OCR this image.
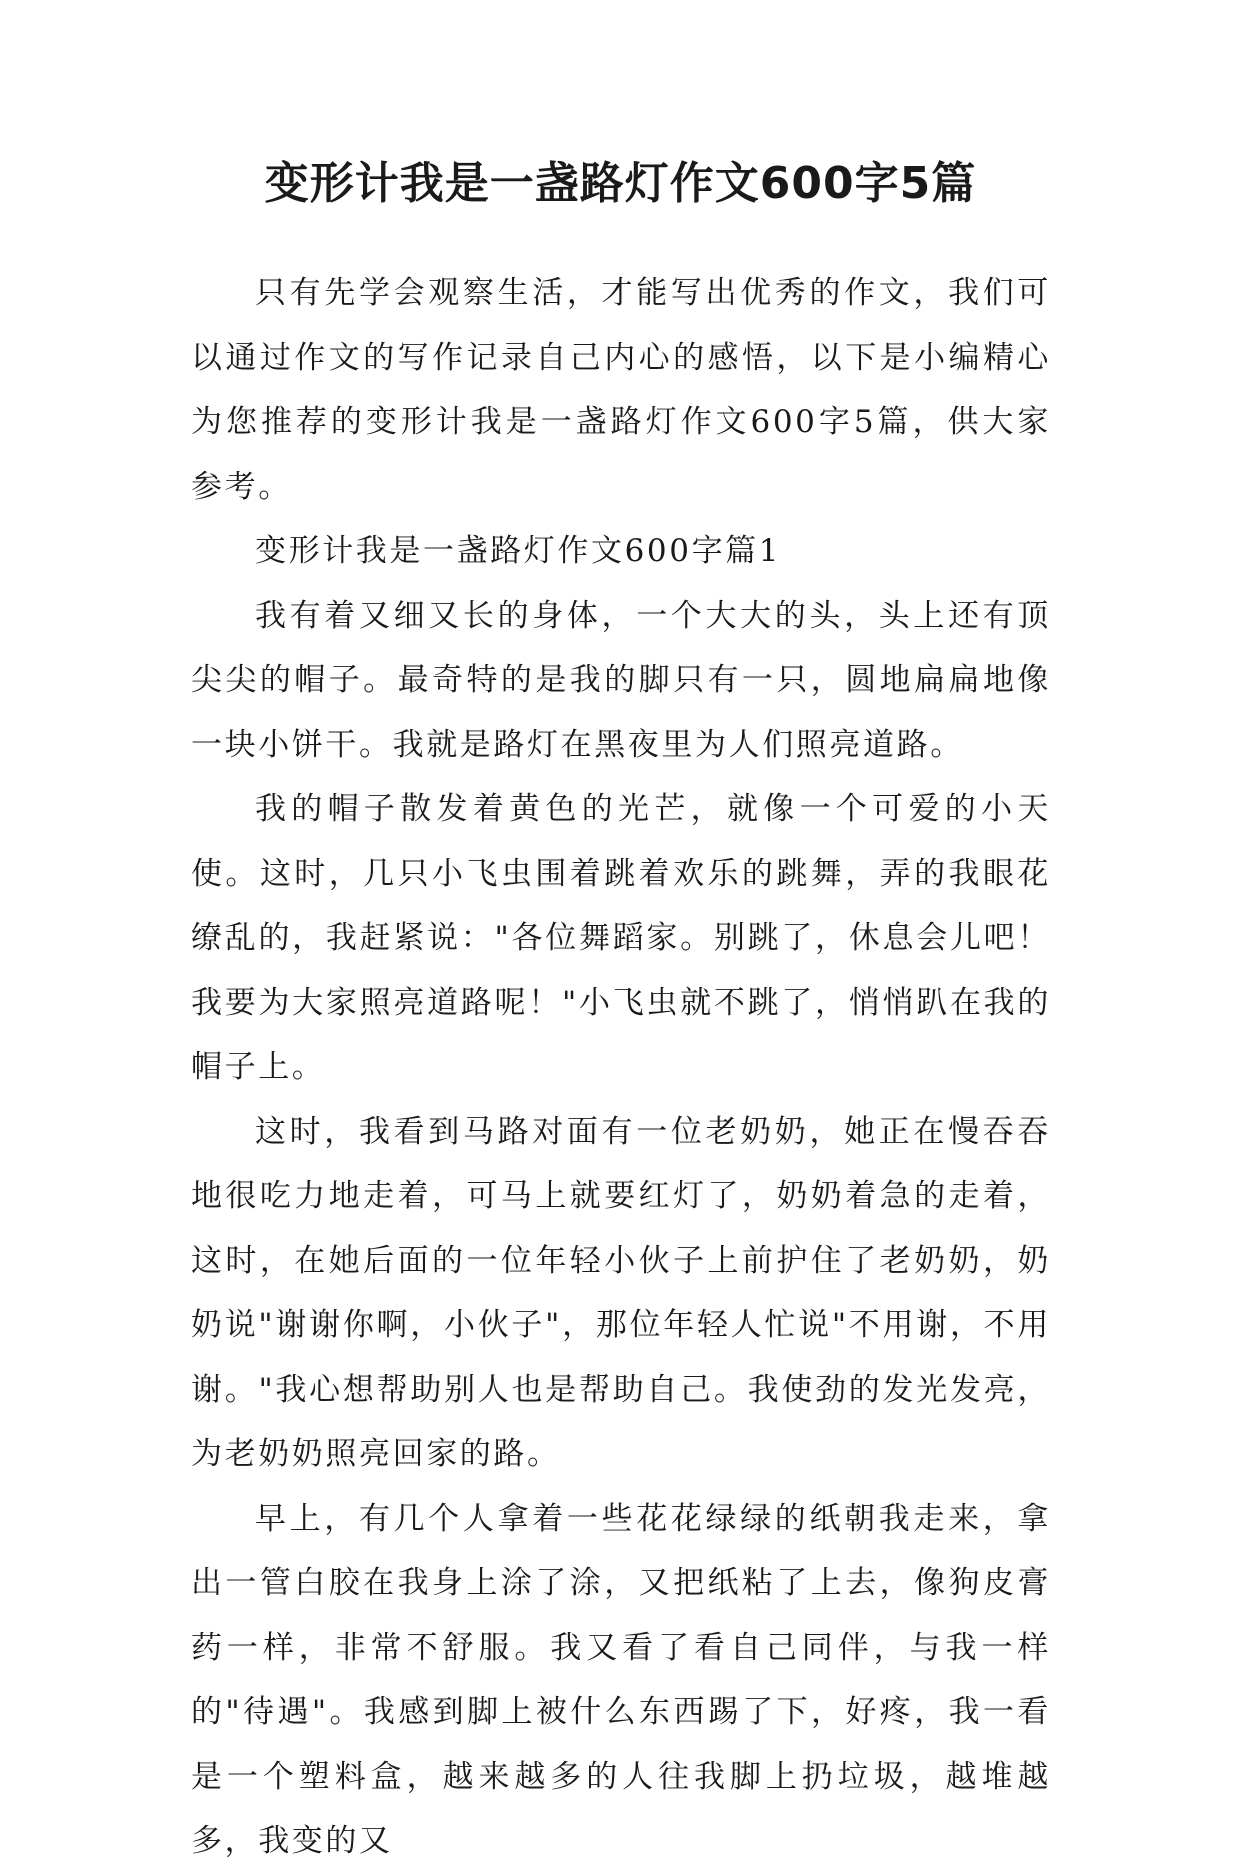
变形计我是一盏路灯作文600字5篇

只有先学会观察生活，才能写出优秀的作文，我们可以通过作文的写作记录自己内心的感悟，以下是小编精心为您推荐的变形计我是一盏路灯作文600字5篇，供大家参考。

变形计我是一盏路灯作文600字篇1

我有着又细又长的身体，一个大大的头，头上还有顶尖尖的帽子。最奇特的是我的脚只有一只，圆地扁扁地像一块小饼干。我就是路灯在黑夜里为人们照亮道路。

我的帽子散发着黄色的光芒，就像一个可爱的小天使。这时，几只小飞虫围着跳着欢乐的跳舞，弄的我眼花缭乱的，我赶紧说："各位舞蹈家。别跳了，休息会儿吧！我要为大家照亮道路呢！"小飞虫就不跳了，悄悄趴在我的帽子上。

这时，我看到马路对面有一位老奶奶，她正在慢吞吞地很吃力地走着，可马上就要红灯了，奶奶着急的走着，这时，在她后面的一位年轻小伙子上前护住了老奶奶，奶奶说"谢谢你啊，小伙子"，那位年轻人忙说"不用谢，不用谢。"我心想帮助别人也是帮助自己。我使劲的发光发亮，为老奶奶照亮回家的路。

早上，有几个人拿着一些花花绿绿的纸朝我走来，拿出一管白胶在我身上涂了涂，又把纸粘了上去，像狗皮膏药一样，非常不舒服。我又看了看自己同伴，与我一样的"待遇"。我感到脚上被什么东西踢了下，好疼，我一看是一个塑料盒，越来越多的人往我脚上扔垃圾，越堆越多，我变的又
